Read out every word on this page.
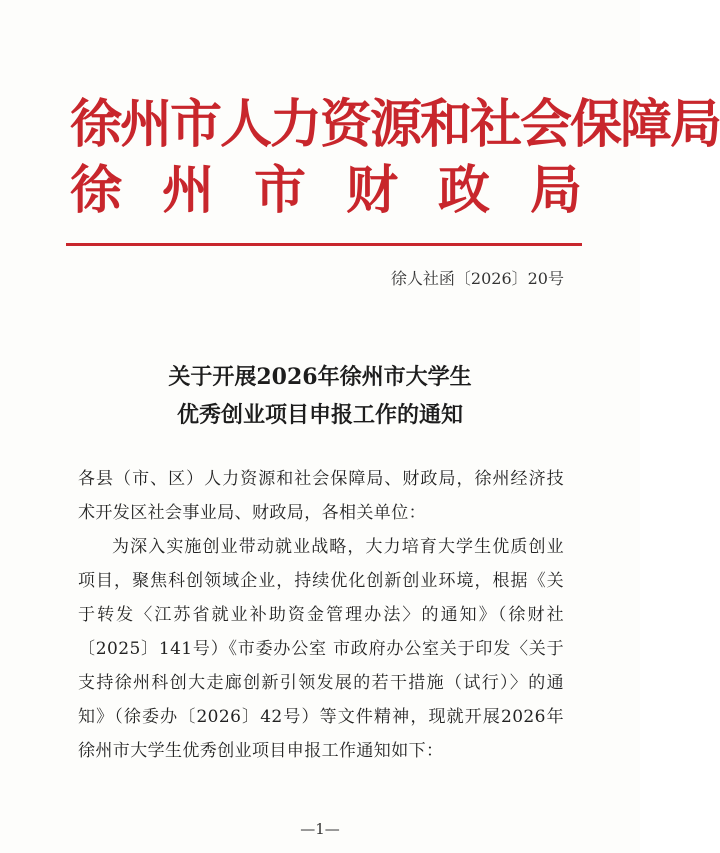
徐州市人力资源和社会保障局
徐州市财政局
徐人社函〔2026〕20号
关于开展2026年徐州市大学生
优秀创业项目申报工作的通知

各县（市、区）人力资源和社会保障局、财政局，徐州经济技术开发区社会事业局、财政局，各相关单位：

为深入实施创业带动就业战略，大力培育大学生优质创业项目，聚焦科创领域企业，持续优化创新创业环境，根据《关于转发〈江苏省就业补助资金管理办法〉的通知》（徐财社〔2025〕141号）《市委办公室 市政府办公室关于印发〈关于支持徐州科创大走廊创新引领发展的若干措施（试行）〉的通知》（徐委办〔2026〕42号）等文件精神，现就开展2026年徐州市大学生优秀创业项目申报工作通知如下：

—1—
